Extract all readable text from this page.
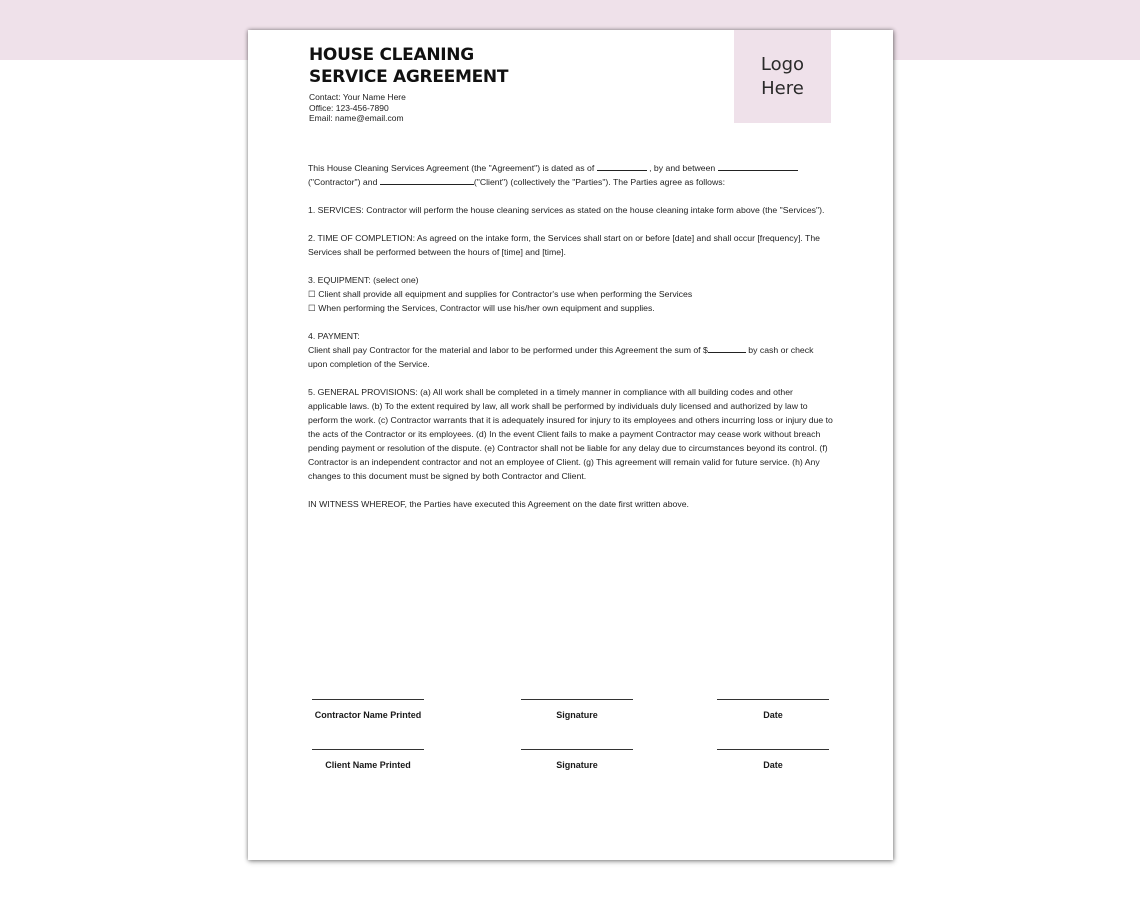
HOUSE CLEANING
SERVICE AGREEMENT
Contact: Your Name Here
Office: 123-456-7890
Email: name@email.com
Logo
Here

This House Cleaning Services Agreement (the "Agreement") is dated as of	, by and between  ("Contractor") and	("Client") (collectively the "Parties"). The Parties agree as follows:

1. SERVICES: Contractor will perform the house cleaning services as stated on the house cleaning intake form above (the "Services").

2. TIME OF COMPLETION: As agreed on the intake form, the Services shall start on or before [date] and shall occur [frequency]. The Services shall be performed between the hours of [time] and [time].

3. EQUIPMENT: (select one)
☐ Client shall provide all equipment and supplies for Contractor's use when performing the Services
☐ When performing the Services, Contractor will use his/her own equipment and supplies.

4. PAYMENT:
Client shall pay Contractor for the material and labor to be performed under this Agreement the sum of $	by cash or check upon completion of the Service.

5. GENERAL PROVISIONS: (a) All work shall be completed in a timely manner in compliance with all building codes and other applicable laws. (b) To the extent required by law, all work shall be performed by individuals duly licensed and authorized by law to perform the work. (c) Contractor warrants that it is adequately insured for injury to its employees and others incurring loss or injury due to the acts of the Contractor or its employees. (d) In the event Client fails to make a payment Contractor may cease work without breach pending payment or resolution of the dispute. (e) Contractor shall not be liable for any delay due to circumstances beyond its control. (f) Contractor is an independent contractor and not an employee of Client. (g) This agreement will remain valid for future service. (h) Any changes to this document must be signed by both Contractor and Client.

IN WITNESS WHEREOF, the Parties have executed this Agreement on the date first written above.

Contractor Name Printed	Signature	Date
Client Name Printed	Signature	Date
